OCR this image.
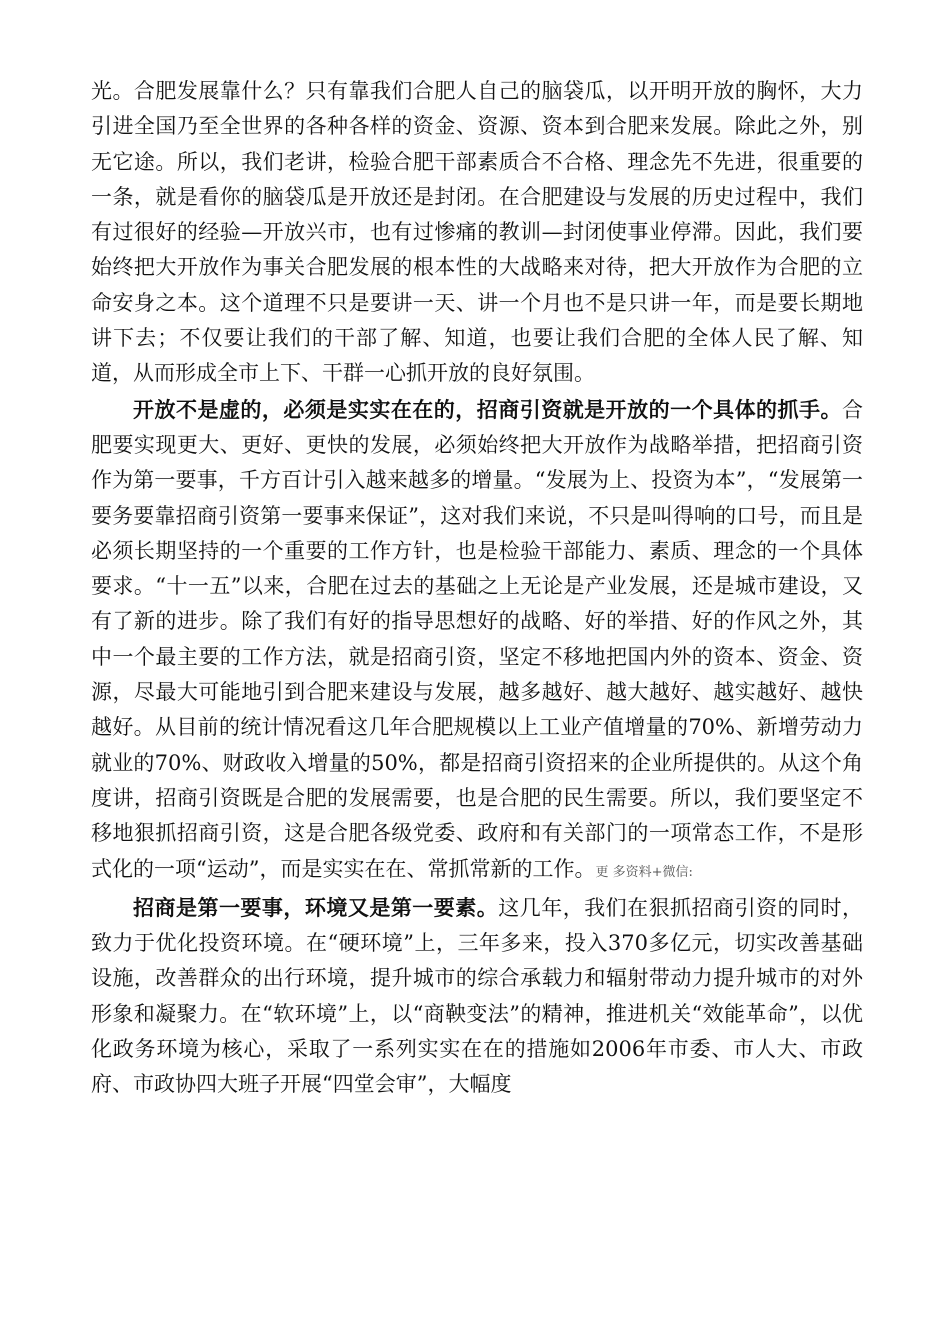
光。合肥发展靠什么？只有靠我们合肥人自己的脑袋瓜，以开明开放的胸怀，大力引进全国乃至全世界的各种各样的资金、资源、资本到合肥来发展。除此之外，别无它途。所以，我们老讲，检验合肥干部素质合不合格、理念先不先进，很重要的一条，就是看你的脑袋瓜是开放还是封闭。在合肥建设与发展的历史过程中，我们有过很好的经验—开放兴市，也有过惨痛的教训—封闭使事业停滞。因此，我们要始终把大开放作为事关合肥发展的根本性的大战略来对待，把大开放作为合肥的立命安身之本。这个道理不只是要讲一天、讲一个月也不是只讲一年，而是要长期地讲下去；不仅要让我们的干部了解、知道，也要让我们合肥的全体人民了解、知道，从而形成全市上下、干群一心抓开放的良好氛围。

开放不是虚的，必须是实实在在的，招商引资就是开放的一个具体的抓手。合肥要实现更大、更好、更快的发展，必须始终把大开放作为战略举措，把招商引资作为第一要事，千方百计引入越来越多的增量。“发展为上、投资为本”，“发展第一要务要靠招商引资第一要事来保证”，这对我们来说，不只是叫得响的口号，而且是必须长期坚持的一个重要的工作方针，也是检验干部能力、素质、理念的一个具体要求。“十一五”以来，合肥在过去的基础之上无论是产业发展，还是城市建设，又有了新的进步。除了我们有好的指导思想好的战略、好的举措、好的作风之外，其中一个最主要的工作方法，就是招商引资，坚定不移地把国内外的资本、资金、资源，尽最大可能地引到合肥来建设与发展，越多越好、越大越好、越实越好、越快越好。从目前的统计情况看这几年合肥规模以上工业产值增量的70%、新增劳动力就业的70%、财政收入增量的50%，都是招商引资招来的企业所提供的。从这个角度讲，招商引资既是合肥的发展需要，也是合肥的民生需要。所以，我们要坚定不移地狠抓招商引资，这是合肥各级党委、政府和有关部门的一项常态工作，不是形式化的一项“运动”，而是实实在在、常抓常新的工作。更 多资料+微信:

招商是第一要事，环境又是第一要素。这几年，我们在狠抓招商引资的同时，致力于优化投资环境。在“硬环境”上，三年多来，投入370多亿元，切实改善基础设施，改善群众的出行环境，提升城市的综合承载力和辐射带动力提升城市的对外形象和凝聚力。在“软环境”上，以“商鞅变法”的精神，推进机关“效能革命”，以优化政务环境为核心，采取了一系列实实在在的措施如2006年市委、市人大、市政府、市政协四大班子开展“四堂会审”，大幅度
